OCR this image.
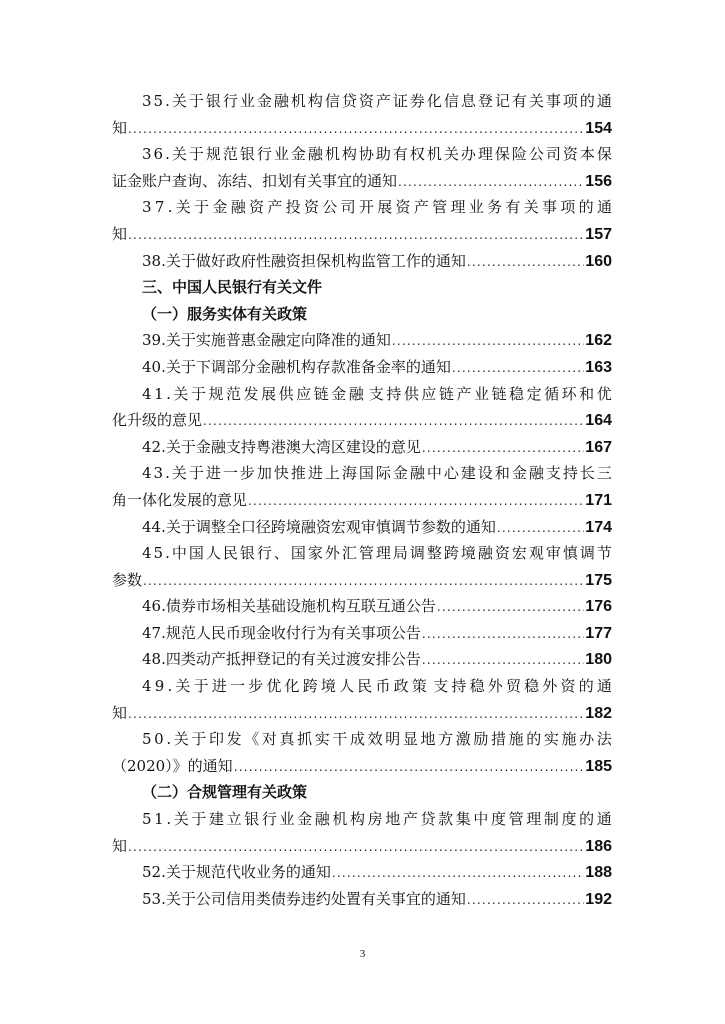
3 5 . 关 于 银 行 业 金 融 机 构 信 贷 资 产 证 券 化 信 息 登 记 有 关 事 项 的 通
知 .....	154
3 6 . 关 于 规 范 银 行 业 金 融 机 构 协 助 有 权 机 关 办 理 保 险 公 司 资 本 保
证金账户查询、冻结、扣划有关事宜的通知 .....	156
3 7 . 关 于 金 融 资 产 投 资 公 司 开 展 资 产 管 理 业 务 有 关 事 项 的 通
知 .....	157
38.关于做好政府性融资担保机构监管工作的通知 .....	160
三、中国人民银行有关文件
（一）服务实体有关政策
39.关于实施普惠金融定向降准的通知 .....	162
40.关于下调部分金融机构存款准备金率的通知 .....	163
4 1 . 关 于 规 范 发 展 供 应 链 金 融 支 持 供 应 链 产 业 链 稳 定 循 环 和 优
化升级的意见 .....	164
42.关于金融支持粤港澳大湾区建设的意见 .....	167
4 3 . 关 于 进 一 步 加 快 推 进 上 海 国 际 金 融 中 心 建 设 和 金 融 支 持 长 三
角一体化发展的意见 .....	171
44.关于调整全口径跨境融资宏观审慎调节参数的通知 .....	174
4 5 . 中 国 人 民 银 行 、 国 家 外 汇 管 理 局 调 整 跨 境 融 资 宏 观 审 慎 调 节
参数 .....	175
46.债券市场相关基础设施机构互联互通公告 .....	176
47.规范人民币现金收付行为有关事项公告 .....	177
48.四类动产抵押登记的有关过渡安排公告 .....	180
4 9 . 关 于 进 一 步 优 化 跨 境 人 民 币 政 策 支 持 稳 外 贸 稳 外 资 的 通
知 .....	182
5 0 . 关 于 印 发 《 对 真 抓 实 干 成 效 明 显 地 方 激 励 措 施 的 实 施 办 法
（2020）》的通知 .....	185
（二）合规管理有关政策
5 1 . 关 于 建 立 银 行 业 金 融 机 构 房 地 产 贷 款 集 中 度 管 理 制 度 的 通
知 .....	186
52.关于规范代收业务的通知 .....	188
53.关于公司信用类债券违约处置有关事宜的通知 .....	192
3
